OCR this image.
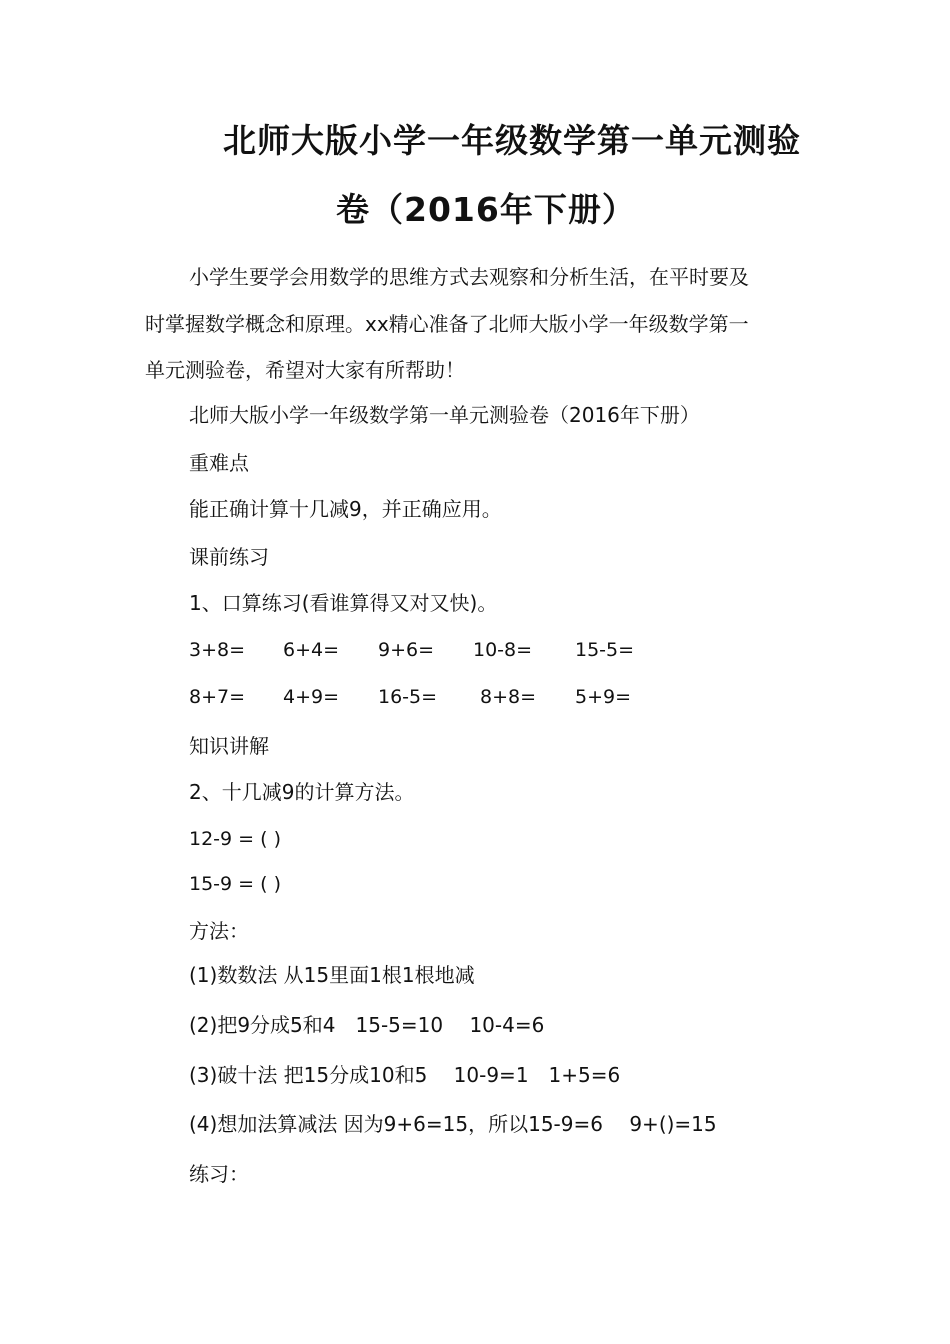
北师大版小学一年级数学第一单元测验
卷（2016年下册）
小学生要学会用数学的思维方式去观察和分析生活，在平时要及
时掌握数学概念和原理。xx精心准备了北师大版小学一年级数学第一
单元测验卷，希望对大家有所帮助！
北师大版小学一年级数学第一单元测验卷（2016年下册）
重难点
能正确计算十几减9，并正确应用。
课前练习
1、口算练习(看谁算得又对又快)。
3+8= 6+4= 9+6= 10-8= 15-5=
8+7= 4+9= 16-5= 8+8= 5+9=
知识讲解
2、十几减9的计算方法。
12-9 = ( )
15-9 = ( )
方法：
(1)数数法 从15里面1根1根地减
(2)把9分成5和4　15-5=10　 10-4=6
(3)破十法 把15分成10和5　 10-9=1　1+5=6
(4)想加法算减法 因为9+6=15，所以15-9=6　 9+()=15
练习：
